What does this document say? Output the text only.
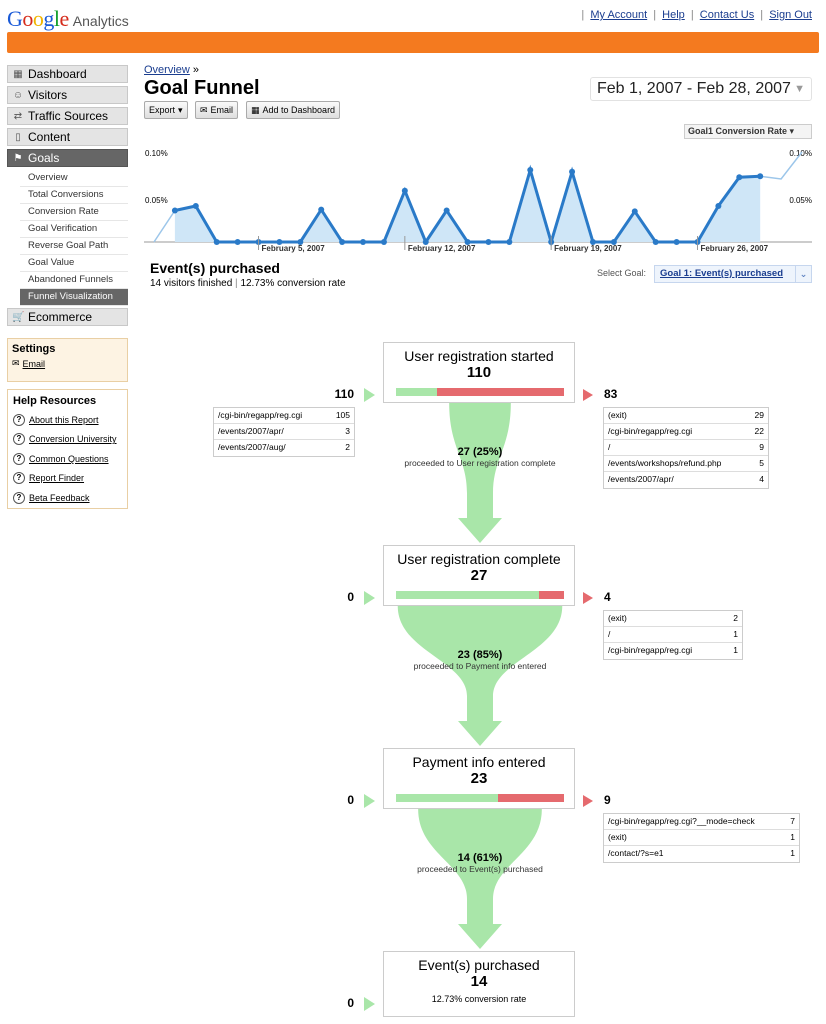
Google Analytics	| My Account | Help | Contact Us | Sign Out
▦ Dashboard
☺ Visitors
⇄ Traffic Sources
▯ Content
⚑ Goals
Overview
Total Conversions
Conversion Rate
Goal Verification
Reverse Goal Path
Goal Value
Abandoned Funnels
Funnel Visualization
🛒 Ecommerce
Settings
✉ Email
Help Resources
? About this Report
? Conversion University
? Common Questions
? Report Finder
? Beta Feedback
Overview »
Goal Funnel
Export ▾ ✉ Email ▦ Add to Dashboard
Feb 1, 2007 - Feb 28, 2007 ▼
Goal1 Conversion Rate ▾
0.10%
0.05%
0.10%
0.05%
February 5, 2007	February 12, 2007	February 19, 2007	February 26, 2007
Event(s) purchased
14 visitors finished | 12.73% conversion rate
Select Goal:	Goal 1: Event(s) purchased	⌄
User registration started
110
110	83
/cgi-bin/regapp/reg.cgi	105
/events/2007/apr/	3
/events/2007/aug/	2
(exit)	29
/cgi-bin/regapp/reg.cgi	22
/	9
/events/workshops/refund.php	5
/events/2007/apr/	4
27 (25%)
proceeded to User registration complete
User registration complete
27
0	4
(exit)	2
/	1
/cgi-bin/regapp/reg.cgi	1
23 (85%)
proceeded to Payment info entered
Payment info entered
23
0	9
/cgi-bin/regapp/reg.cgi?__mode=check	7
(exit)	1
/contact/?s=e1	1
14 (61%)
proceeded to Event(s) purchased
Event(s) purchased
14
12.73% conversion rate
0
